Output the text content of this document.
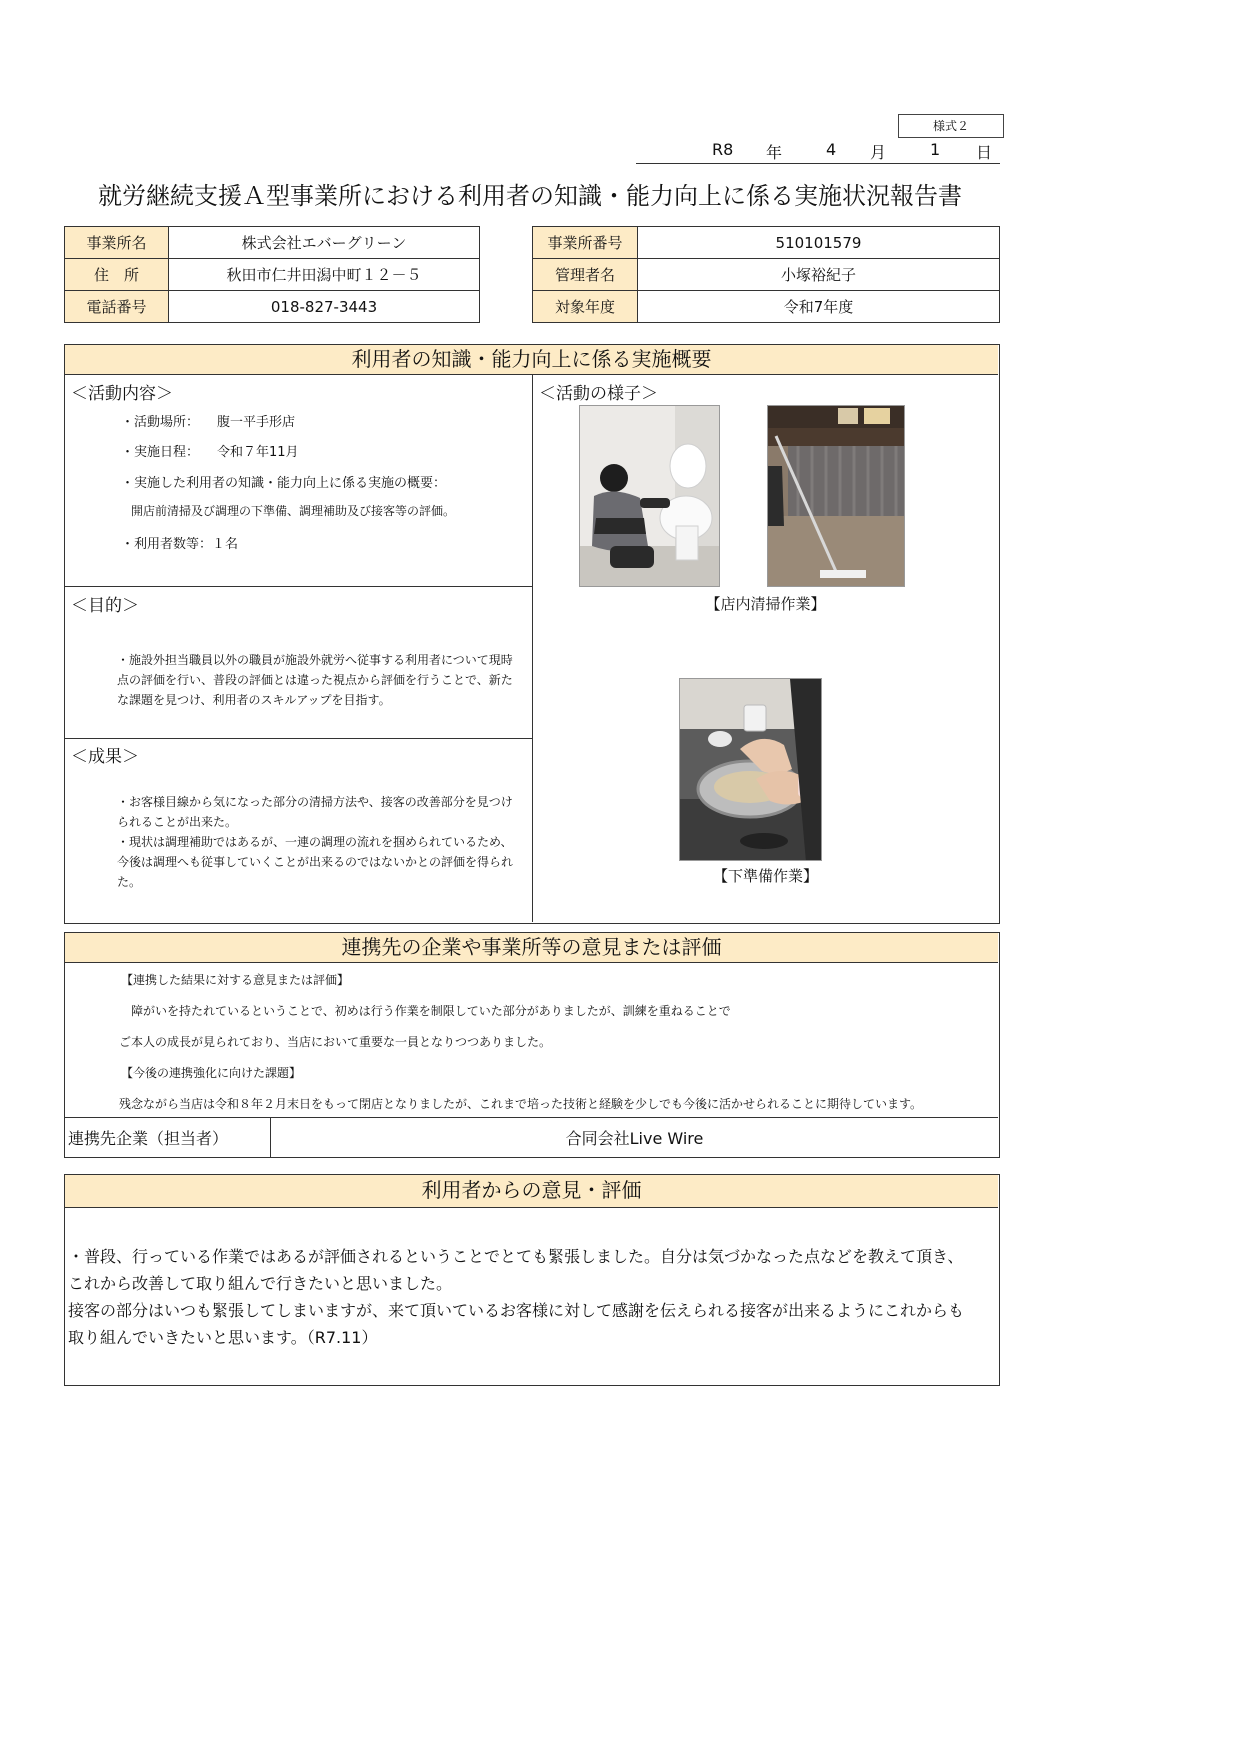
様式２
R8 年	4 月	1 日
就労継続支援Ａ型事業所における利用者の知識・能力向上に係る実施状況報告書
事業所名	株式会社エバーグリーン
住　所	秋田市仁井田潟中町１２－５
電話番号	018-827-3443
事業所番号	510101579
管理者名	小塚裕紀子
対象年度	令和7年度
利用者の知識・能力向上に係る実施概要
＜活動内容＞
・活動場所： 腹一平手形店
・実施日程： 令和７年11月
・実施した利用者の知識・能力向上に係る実施の概要：
開店前清掃及び調理の下準備、調理補助及び接客等の評価。
・利用者数等：１名
＜目的＞
・施設外担当職員以外の職員が施設外就労へ従事する利用者について現時
点の評価を行い、普段の評価とは違った視点から評価を行うことで、新た
な課題を見つけ、利用者のスキルアップを目指す。
＜成果＞
・お客様目線から気になった部分の清掃方法や、接客の改善部分を見つけ
られることが出来た。
・現状は調理補助ではあるが、一連の調理の流れを掴められているため、
今後は調理へも従事していくことが出来るのではないかとの評価を得られ
た。
＜活動の様子＞
【店内清掃作業】
【下準備作業】
連携先の企業や事業所等の意見または評価
【連携した結果に対する意見または評価】
障がいを持たれているということで、初めは行う作業を制限していた部分がありましたが、訓練を重ねることで
ご本人の成長が見られており、当店において重要な一員となりつつありました。
【今後の連携強化に向けた課題】
残念ながら当店は令和８年２月末日をもって閉店となりましたが、これまで培った技術と経験を少しでも今後に活かせられることに期待しています。
連携先企業（担当者）	合同会社Live Wire
利用者からの意見・評価
・普段、行っている作業ではあるが評価されるということでとても緊張しました。自分は気づかなった点などを教えて頂き、
これから改善して取り組んで行きたいと思いました。
接客の部分はいつも緊張してしまいますが、来て頂いているお客様に対して感謝を伝えられる接客が出来るようにこれからも
取り組んでいきたいと思います。（R7.11）
